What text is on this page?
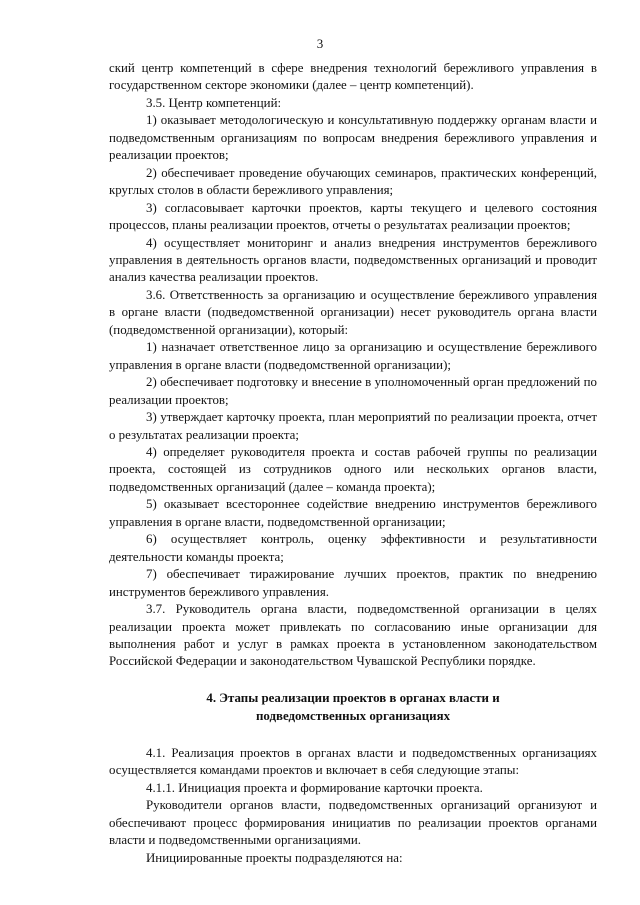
3

ский центр компетенций в сфере внедрения технологий бережливого управления в государственном секторе экономики (далее – центр компетенций).

3.5. Центр компетенций:

1) оказывает методологическую и консультативную поддержку органам власти и подведомственным организациям по вопросам внедрения бережливого управления и реализации проектов;

2) обеспечивает проведение обучающих семинаров, практических конференций, круглых столов в области бережливого управления;

3) согласовывает карточки проектов, карты текущего и целевого состояния процессов, планы реализации проектов, отчеты о результатах реализации проектов;

4) осуществляет мониторинг и анализ внедрения инструментов бережливого управления в деятельность органов власти, подведомственных организаций и проводит анализ качества реализации проектов.

3.6. Ответственность за организацию и осуществление бережливого управления в органе власти (подведомственной организации) несет руководитель органа власти (подведомственной организации), который:

1) назначает ответственное лицо за организацию и осуществление бережливого управления в органе власти (подведомственной организации);

2) обеспечивает подготовку и внесение в уполномоченный орган предложений по реализации проектов;

3) утверждает карточку проекта, план мероприятий по реализации проекта, отчет о результатах реализации проекта;

4) определяет руководителя проекта и состав рабочей группы по реализации проекта, состоящей из сотрудников одного или нескольких органов власти, подведомственных организаций (далее – команда проекта);

5) оказывает всестороннее содействие внедрению инструментов бережливого управления в органе власти, подведомственной организации;

6) осуществляет контроль, оценку эффективности и результативности деятельности команды проекта;

7) обеспечивает тиражирование лучших проектов, практик по внедрению инструментов бережливого управления.

3.7. Руководитель органа власти, подведомственной организации в целях реализации проекта может привлекать по согласованию иные организации для выполнения работ и услуг в рамках проекта в установленном законодательством Российской Федерации и законодательством Чувашской Республики порядке.

4. Этапы реализации проектов в органах власти и
подведомственных организациях

4.1. Реализация проектов в органах власти и подведомственных организациях осуществляется командами проектов и включает в себя следующие этапы:

4.1.1. Инициация проекта и формирование карточки проекта.

Руководители органов власти, подведомственных организаций организуют и обеспечивают процесс формирования инициатив по реализации проектов органами власти и подведомственными организациями.

Инициированные проекты подразделяются на:
